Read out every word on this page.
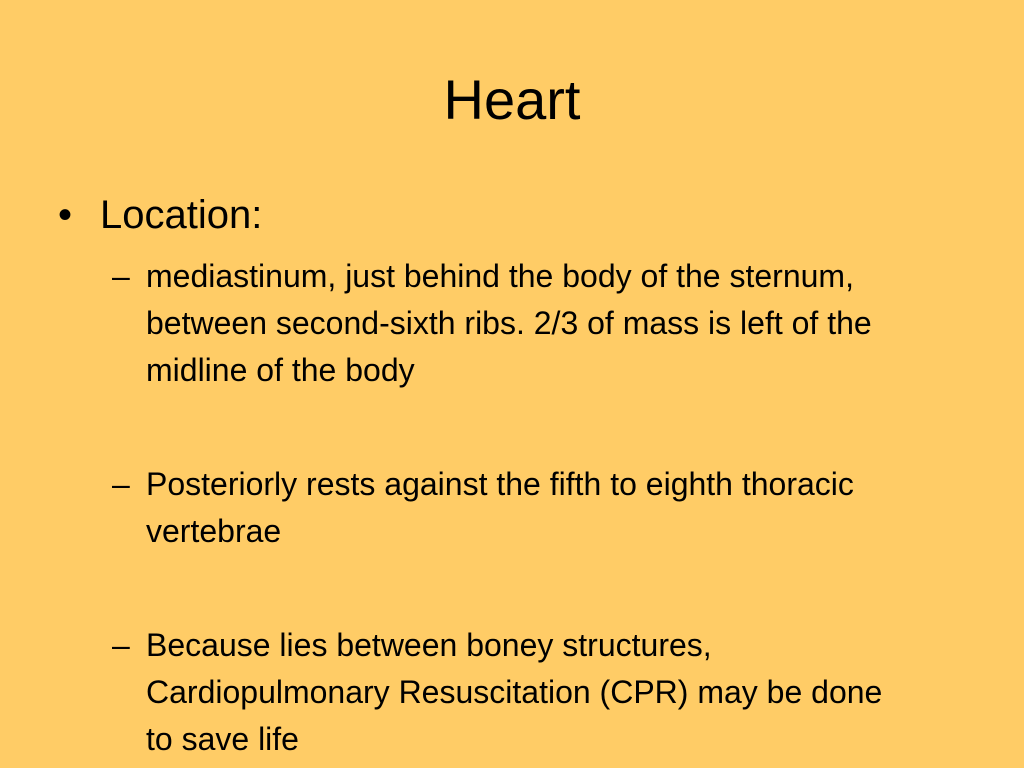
Heart
• Location:
– mediastinum, just behind the body of the sternum, between second-sixth ribs. 2/3 of mass is left of the midline of the body
– Posteriorly rests against the fifth to eighth thoracic vertebrae
– Because lies between boney structures, Cardiopulmonary Resuscitation (CPR) may be done to save life
